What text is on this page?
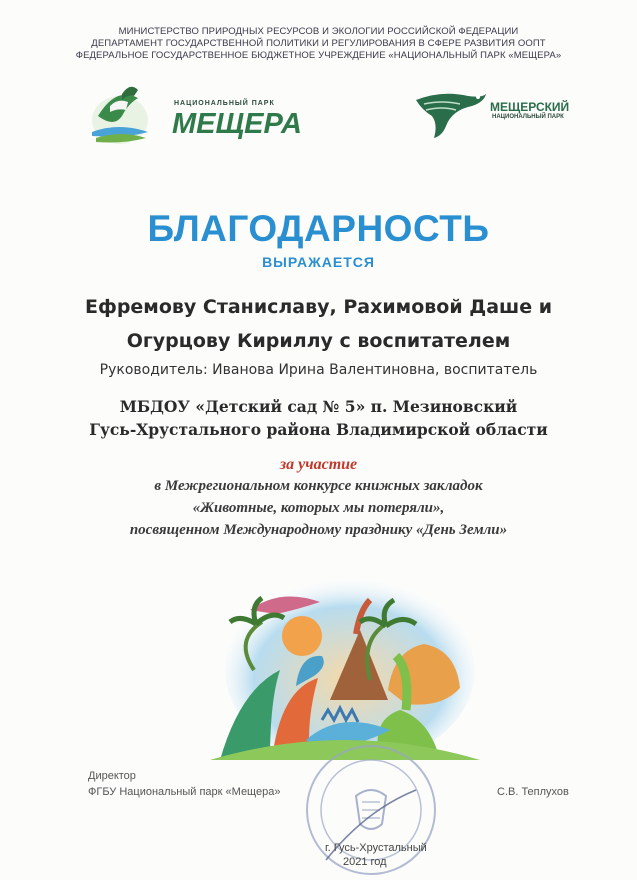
МИНИСТЕРСТВО ПРИРОДНЫХ РЕСУРСОВ И ЭКОЛОГИИ РОССИЙСКОЙ ФЕДЕРАЦИИ
ДЕПАРТАМЕНТ ГОСУДАРСТВЕННОЙ ПОЛИТИКИ И РЕГУЛИРОВАНИЯ В СФЕРЕ РАЗВИТИЯ ООПТ
ФЕДЕРАЛЬНОЕ ГОСУДАРСТВЕННОЕ БЮДЖЕТНОЕ УЧРЕЖДЕНИЕ «НАЦИОНАЛЬНЫЙ ПАРК «МЕЩЕРА»
НАЦИОНАЛЬНЫЙ ПАРК
МЕЩЕРА
МЕЩЕРСКИЙ
НАЦИОНАЛЬНЫЙ ПАРК
БЛАГОДАРНОСТЬ
ВЫРАЖАЕТСЯ
Ефремову Станиславу, Рахимовой Даше и
Огурцову Кириллу с воспитателем
Руководитель: Иванова Ирина Валентиновна, воспитатель
МБДОУ «Детский сад № 5» п. Мезиновский
Гусь-Хрустального района Владимирской области
за участие
в Межрегиональном конкурсе книжных закладок
«Животные, которых мы потеряли»,
посвященном Международному празднику «День Земли»
Директор
ФГБУ Национальный парк «Мещера»	С.В. Теплухов
г. Гусь-Хрустальный
2021 год
